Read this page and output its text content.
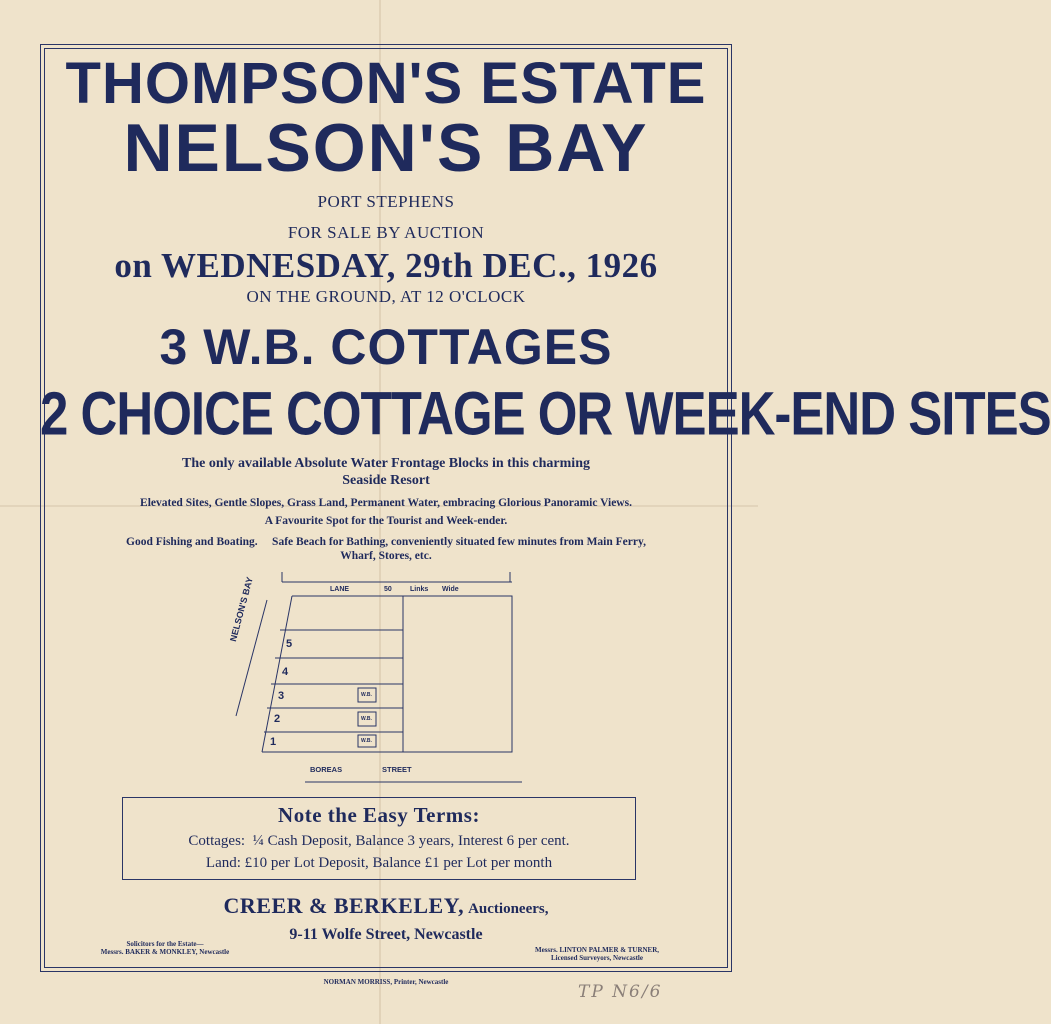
THOMPSON'S ESTATE
NELSON'S BAY
PORT STEPHENS
FOR SALE BY AUCTION
on WEDNESDAY, 29th DEC., 1926
ON THE GROUND, AT 12 O'CLOCK
3 W.B. COTTAGES
2 CHOICE COTTAGE OR WEEK-END SITES
The only available Absolute Water Frontage Blocks in this charming
Seaside Resort
Elevated Sites, Gentle Slopes, Grass Land, Permanent Water, embracing Glorious Panoramic Views.
A Favourite Spot for the Tourist and Week-ender.
Good Fishing and Boating.     Safe Beach for Bathing, conveniently situated few minutes from Main Ferry,
Wharf, Stores, etc.
LANE	50	Links Wide
NELSON'S BAY
5
4
3
2
1
W.B.
W.B.
W.B.
BOREAS	STREET
Note the Easy Terms:
Cottages:  ¼ Cash Deposit, Balance 3 years, Interest 6 per cent.
Land: £10 per Lot Deposit, Balance £1 per Lot per month
CREER & BERKELEY, Auctioneers,
9-11 Wolfe Street, Newcastle
Solicitors for the Estate—
Messrs. BAKER & MONKLEY, Newcastle	Messrs. LINTON PALMER & TURNER,
Licensed Surveyors, Newcastle
NORMAN MORRISS, Printer, Newcastle	TP N6/6
